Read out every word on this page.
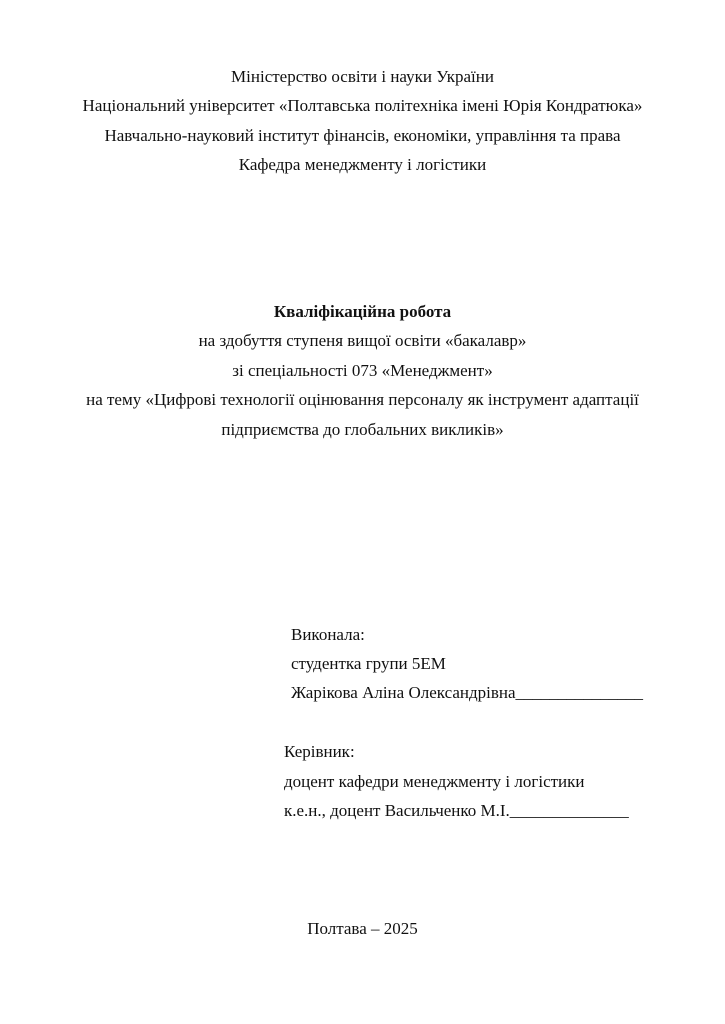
Міністерство освіти і науки України
Національний університет «Полтавська політехніка імені Юрія Кондратюка»
Навчально-науковий інститут фінансів, економіки, управління та права
Кафедра менеджменту і логістики
Кваліфікаційна робота
на здобуття ступеня вищої освіти «бакалавр»
зі спеціальності 073 «Менеджмент»
на тему «Цифрові технології оцінювання персоналу як інструмент адаптації
підприємства до глобальних викликів»
Виконала:
студентка групи 5ЕМ
Жарікова Аліна Олександрівна_______________
Керівник:
доцент кафедри менеджменту і логістики
к.е.н., доцент Васильченко М.І.______________
Полтава – 2025
